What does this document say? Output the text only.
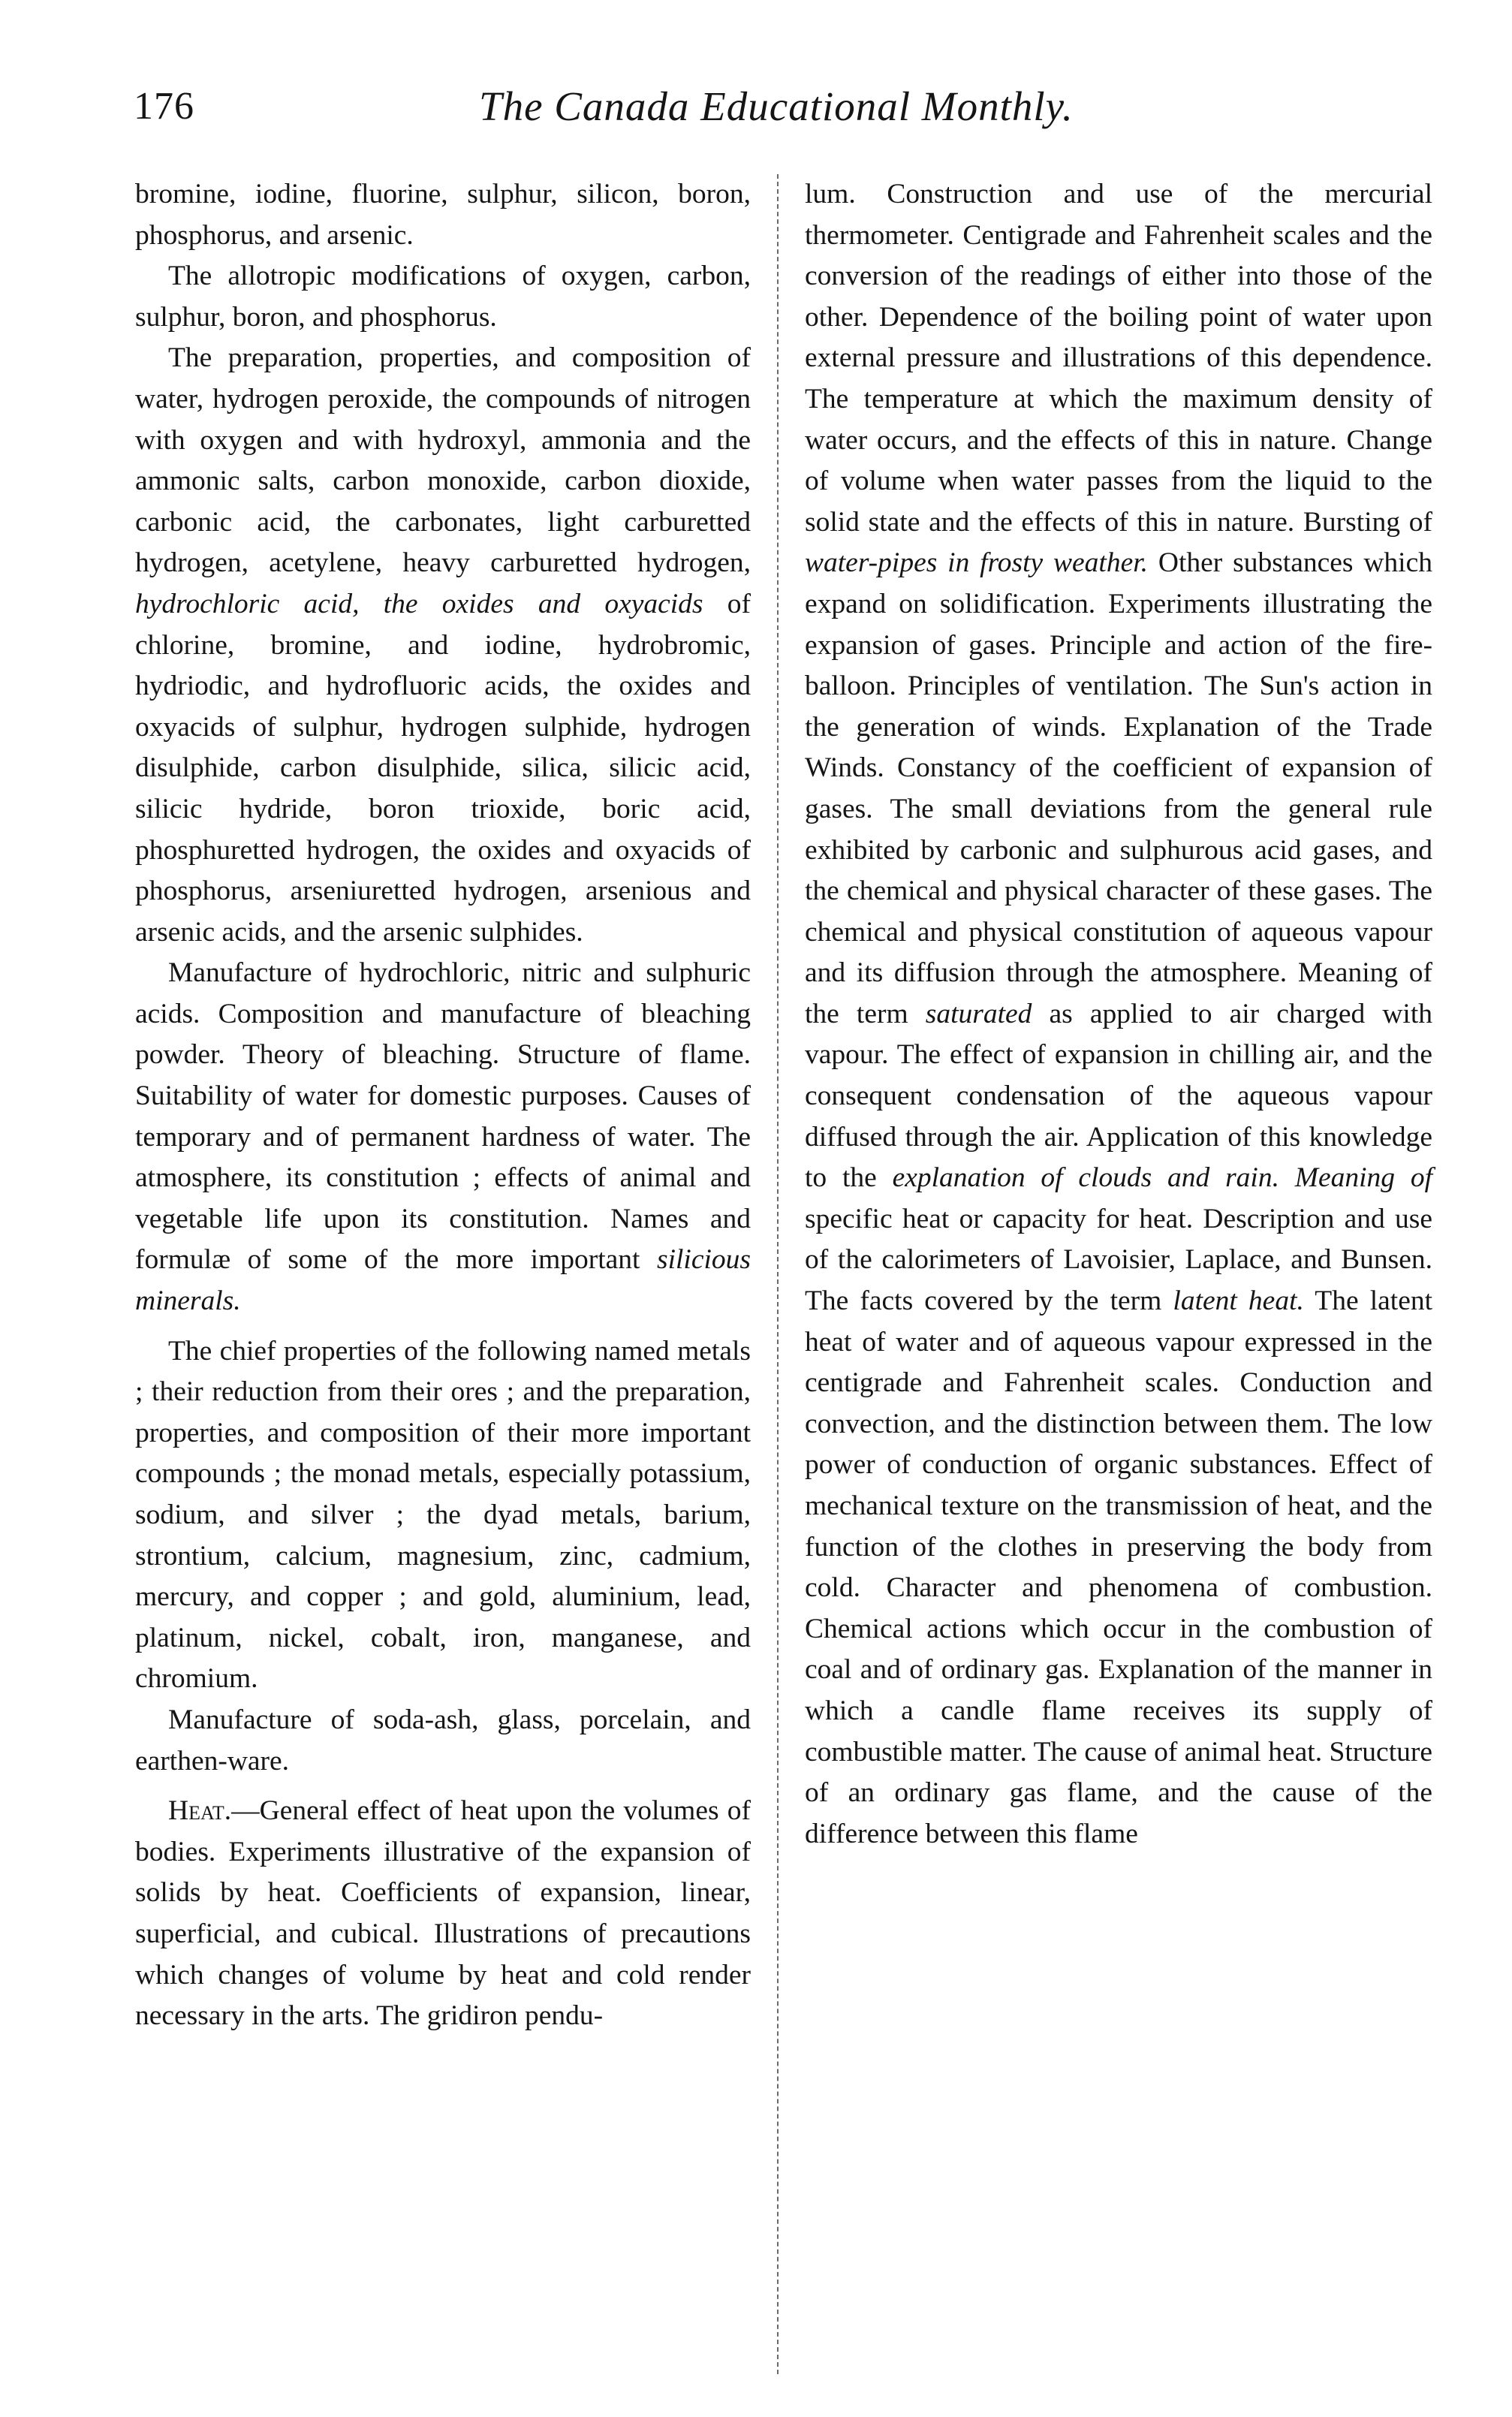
176	The Canada Educational Monthly.

bromine, iodine, fluorine, sulphur, silicon, boron, phosphorus, and arsenic.

The allotropic modifications of oxygen, carbon, sulphur, boron, and phosphorus.

The preparation, properties, and composition of water, hydrogen peroxide, the compounds of nitrogen with oxygen and with hydroxyl, ammonia and the ammonic salts, carbon monoxide, carbon dioxide, carbonic acid, the carbonates, light carburetted hydrogen, acetylene, heavy carburetted hydrogen, hydrochloric acid, the oxides and oxyacids of chlorine, bromine, and iodine, hydrobromic, hydriodic, and hydrofluoric acids, the oxides and oxyacids of sulphur, hydrogen sulphide, hydrogen disulphide, carbon disulphide, silica, silicic acid, silicic hydride, boron trioxide, boric acid, phosphuretted hydrogen, the oxides and oxyacids of phosphorus, arseniuretted hydrogen, arsenious and arsenic acids, and the arsenic sulphides.

Manufacture of hydrochloric, nitric and sulphuric acids. Composition and manufacture of bleaching powder. Theory of bleaching. Structure of flame. Suitability of water for domestic purposes. Causes of temporary and of permanent hardness of water. The atmosphere, its constitution ; effects of animal and vegetable life upon its constitution. Names and formulæ of some of the more important silicious minerals.

The chief properties of the following named metals ; their reduction from their ores ; and the preparation, properties, and composition of their more important compounds ; the monad metals, especially potassium, sodium, and silver ; the dyad metals, barium, strontium, calcium, magnesium, zinc, cadmium, mercury, and copper ; and gold, aluminium, lead, platinum, nickel, cobalt, iron, manganese, and chromium.

Manufacture of soda-ash, glass, porcelain, and earthen-ware.

Heat.—General effect of heat upon the volumes of bodies. Experiments illustrative of the expansion of solids by heat. Coefficients of expansion, linear, superficial, and cubical. Illustrations of precautions which changes of volume by heat and cold render necessary in the arts. The gridiron pendu-

lum. Construction and use of the mercurial thermometer. Centigrade and Fahrenheit scales and the conversion of the readings of either into those of the other. Dependence of the boiling point of water upon external pressure and illustrations of this dependence. The temperature at which the maximum density of water occurs, and the effects of this in nature. Change of volume when water passes from the liquid to the solid state and the effects of this in nature. Bursting of water-pipes in frosty weather. Other substances which expand on solidification. Experiments illustrating the expansion of gases. Principle and action of the fire-balloon. Principles of ventilation. The Sun's action in the generation of winds. Explanation of the Trade Winds. Constancy of the coefficient of expansion of gases. The small deviations from the general rule exhibited by carbonic and sulphurous acid gases, and the chemical and physical character of these gases. The chemical and physical constitution of aqueous vapour and its diffusion through the atmosphere. Meaning of the term saturated as applied to air charged with vapour. The effect of expansion in chilling air, and the consequent condensation of the aqueous vapour diffused through the air. Application of this knowledge to the explanation of clouds and rain. Meaning of specific heat or capacity for heat. Description and use of the calorimeters of Lavoisier, Laplace, and Bunsen. The facts covered by the term latent heat. The latent heat of water and of aqueous vapour expressed in the centigrade and Fahrenheit scales. Conduction and convection, and the distinction between them. The low power of conduction of organic substances. Effect of mechanical texture on the transmission of heat, and the function of the clothes in preserving the body from cold. Character and phenomena of combustion. Chemical actions which occur in the combustion of coal and of ordinary gas. Explanation of the manner in which a candle flame receives its supply of combustible matter. The cause of animal heat. Structure of an ordinary gas flame, and the cause of the difference between this flame
